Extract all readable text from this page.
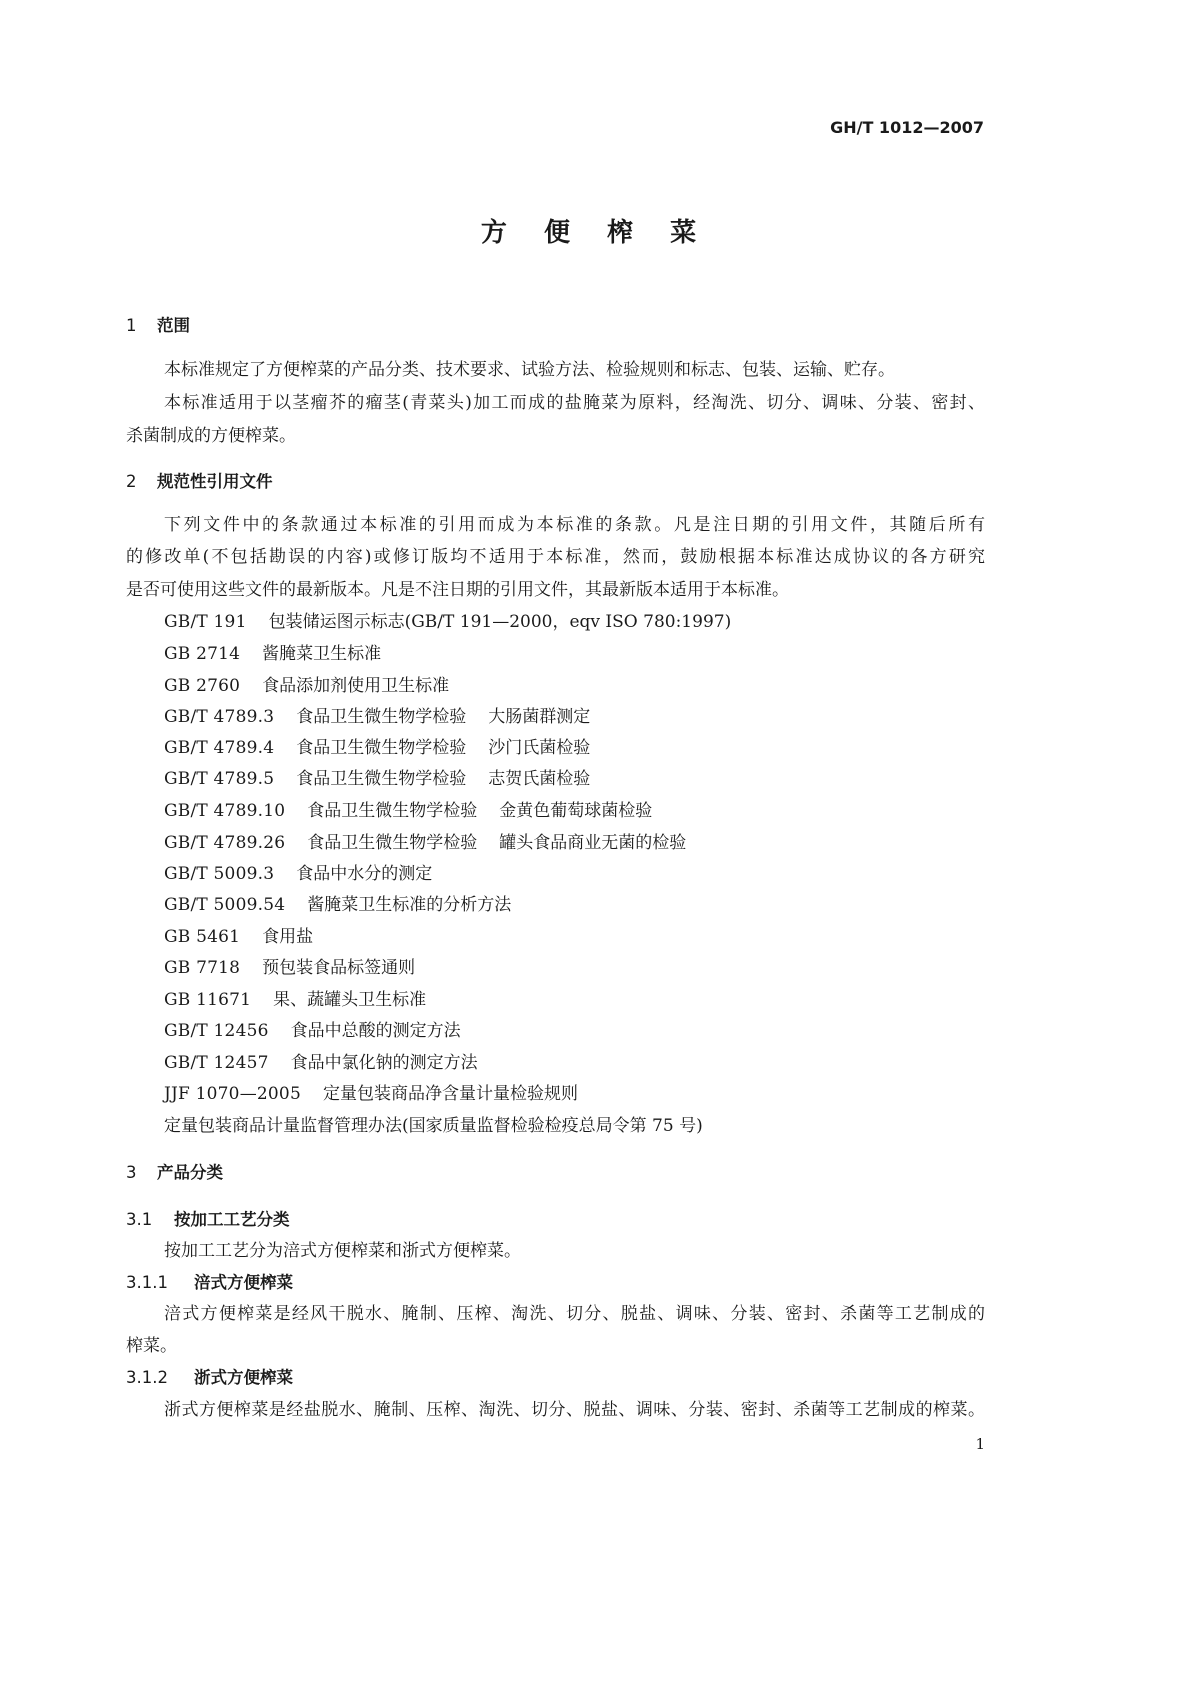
GH/T 1012—2007
方 便 榨 菜
1 范围
本标准规定了方便榨菜的产品分类、技术要求、试验方法、检验规则和标志、包装、运输、贮存。
本标准适用于以茎瘤芥的瘤茎(青菜头)加工而成的盐腌菜为原料，经淘洗、切分、调味、分装、密封、
杀菌制成的方便榨菜。
2 规范性引用文件
下列文件中的条款通过本标准的引用而成为本标准的条款。凡是注日期的引用文件，其随后所有
的修改单(不包括勘误的内容)或修订版均不适用于本标准，然而，鼓励根据本标准达成协议的各方研究
是否可使用这些文件的最新版本。凡是不注日期的引用文件，其最新版本适用于本标准。
GB/T 191 包装储运图示标志(GB/T 191—2000，eqv ISO 780:1997)
GB 2714 酱腌菜卫生标准
GB 2760 食品添加剂使用卫生标准
GB/T 4789.3 食品卫生微生物学检验 大肠菌群测定
GB/T 4789.4 食品卫生微生物学检验 沙门氏菌检验
GB/T 4789.5 食品卫生微生物学检验 志贺氏菌检验
GB/T 4789.10 食品卫生微生物学检验 金黄色葡萄球菌检验
GB/T 4789.26 食品卫生微生物学检验 罐头食品商业无菌的检验
GB/T 5009.3 食品中水分的测定
GB/T 5009.54 酱腌菜卫生标准的分析方法
GB 5461 食用盐
GB 7718 预包装食品标签通则
GB 11671 果、蔬罐头卫生标准
GB/T 12456 食品中总酸的测定方法
GB/T 12457 食品中氯化钠的测定方法
JJF 1070—2005 定量包装商品净含量计量检验规则
定量包装商品计量监督管理办法(国家质量监督检验检疫总局令第 75 号)
3 产品分类
3.1 按加工工艺分类
按加工工艺分为涪式方便榨菜和浙式方便榨菜。
3.1.1 涪式方便榨菜
涪式方便榨菜是经风干脱水、腌制、压榨、淘洗、切分、脱盐、调味、分装、密封、杀菌等工艺制成的
榨菜。
3.1.2 浙式方便榨菜
浙式方便榨菜是经盐脱水、腌制、压榨、淘洗、切分、脱盐、调味、分装、密封、杀菌等工艺制成的榨菜。
1
